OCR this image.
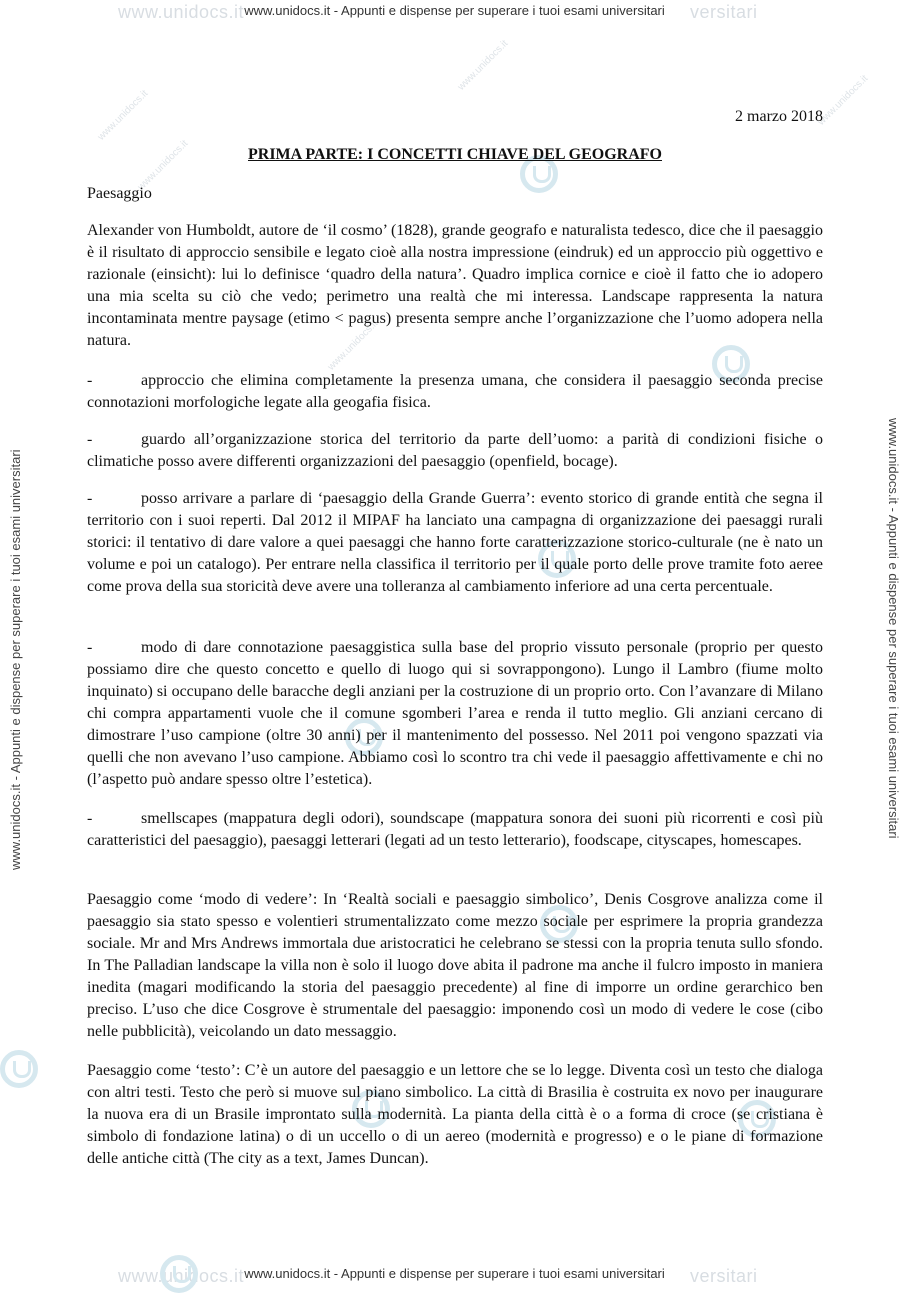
www.unidocs.it	versitari
www.unidocs.it - Appunti e dispense per superare i tuoi esami universitari
www.unidocs.it	versitari
www.unidocs.it - Appunti e dispense per superare i tuoi esami universitari
www.unidocs.it - Appunti e dispense per superare i tuoi esami universitari	www.unidocs.it - Appunti e dispense per superare i tuoi esami universitari
www.unidocs.it
www.unidocs.it
www.unidocs.it
www.unidocs.it
www.unidocs.it
2 marzo 2018
PRIMA PARTE: I CONCETTI CHIAVE DEL GEOGRAFO
Paesaggio

Alexander von Humboldt, autore de ‘il cosmo’ (1828), grande geografo e naturalista tedesco, dice che il paesaggio è il risultato di approccio sensibile e legato cioè alla nostra impressione (eindruk) ed un approccio più oggettivo e razionale (einsicht): lui lo definisce ‘quadro della natura’. Quadro implica cornice e cioè il fatto che io adopero una mia scelta su ciò che vedo; perimetro una realtà che mi interessa. Landscape rappresenta la natura incontaminata mentre paysage (etimo < pagus) presenta sempre anche l’organizzazione che l’uomo adopera nella natura.

-	approccio che elimina completamente la presenza umana, che considera il paesaggio seconda precise connotazioni morfologiche legate alla geogafia fisica.

-	guardo all’organizzazione storica del territorio da parte dell’uomo: a parità di condizioni fisiche o climatiche posso avere differenti organizzazioni del paesaggio (openfield, bocage).

-	posso arrivare a parlare di ‘paesaggio della Grande Guerra’: evento storico di grande entità che segna il territorio con i suoi reperti. Dal 2012 il MIPAF ha lanciato una campagna di organizzazione dei paesaggi rurali storici: il tentativo di dare valore a quei paesaggi che hanno forte caratterizzazione storico-culturale (ne è nato un volume e poi un catalogo). Per entrare nella classifica il territorio per il quale porto delle prove tramite foto aeree come prova della sua storicità deve avere una tolleranza al cambiamento inferiore ad una certa percentuale.

-	modo di dare connotazione paesaggistica sulla base del proprio vissuto personale (proprio per questo possiamo dire che questo concetto e quello di luogo qui si sovrappongono). Lungo il Lambro (fiume molto inquinato) si occupano delle baracche degli anziani per la costruzione di un proprio orto. Con l’avanzare di Milano chi compra appartamenti vuole che il comune sgomberi l’area e renda il tutto meglio. Gli anziani cercano di dimostrare l’uso campione (oltre 30 anni) per il mantenimento del possesso. Nel 2011 poi vengono spazzati via quelli che non avevano l’uso campione. Abbiamo così lo scontro tra chi vede il paesaggio affettivamente e chi no (l’aspetto può andare spesso oltre l’estetica).

-	smellscapes (mappatura degli odori), soundscape (mappatura sonora dei suoni più ricorrenti e così più caratteristici del paesaggio), paesaggi letterari (legati ad un testo letterario), foodscape, cityscapes, homescapes.

Paesaggio come ‘modo di vedere’: In ‘Realtà sociali e paesaggio simbolico’, Denis Cosgrove analizza come il paesaggio sia stato spesso e volentieri strumentalizzato come mezzo sociale per esprimere la propria grandezza sociale. Mr and Mrs Andrews immortala due aristocratici he celebrano se stessi con la propria tenuta sullo sfondo. In The Palladian landscape la villa non è solo il luogo dove abita il padrone ma anche il fulcro imposto in maniera inedita (magari modificando la storia del paesaggio precedente) al fine di imporre un ordine gerarchico ben preciso. L’uso che dice Cosgrove è strumentale del paesaggio: imponendo così un modo di vedere le cose (cibo nelle pubblicità), veicolando un dato messaggio.

Paesaggio come ‘testo’: C’è un autore del paesaggio e un lettore che se lo legge. Diventa così un testo che dialoga con altri testi. Testo che però si muove sul piano simbolico. La città di Brasilia è costruita ex novo per inaugurare la nuova era di un Brasile improntato sulla modernità. La pianta della città è o a forma di croce (se cristiana è simbolo di fondazione latina) o di un uccello o di un aereo (modernità e progresso) e o le piane di formazione delle antiche città (The city as a text, James Duncan).
